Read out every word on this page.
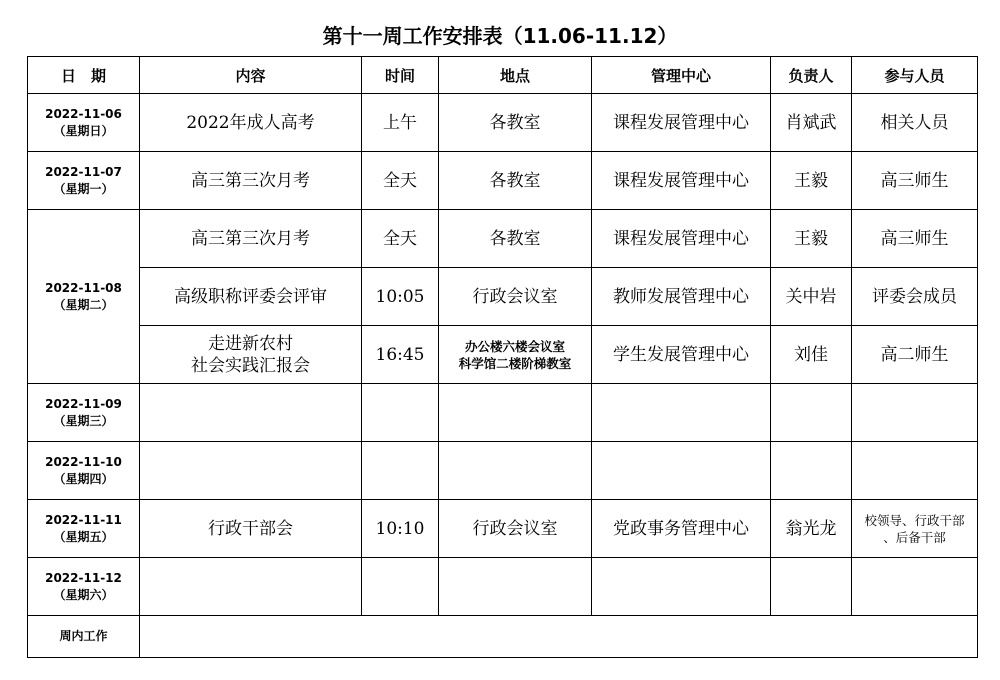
第十一周工作安排表（11.06-11.12）
日　期	内容	时间	地点	管理中心	负责人	参与人员

2022-11-06
（星期日）	2022年成人高考	上午	各教室	课程发展管理中心	肖斌武	相关人员

2022-11-07
（星期一）	高三第三次月考	全天	各教室	课程发展管理中心	王毅	高三师生

2022-11-08
（星期二）	高三第三次月考	全天	各教室	课程发展管理中心	王毅	高三师生
	高级职称评委会评审	10:05	行政会议室	教师发展管理中心	关中岩	评委会成员

	走进新农村
社会实践汇报会	16:45	办公楼六楼会议室
科学馆二楼阶梯教室	学生发展管理中心	刘佳	高二师生

2022-11-09
（星期三）						

2022-11-10
（星期四）						

2022-11-11
（星期五）	行政干部会	10:10	行政会议室	党政事务管理中心	翁光龙	校领导、行政干部
、后备干部

2022-11-12
（星期六）						

周内工作						
